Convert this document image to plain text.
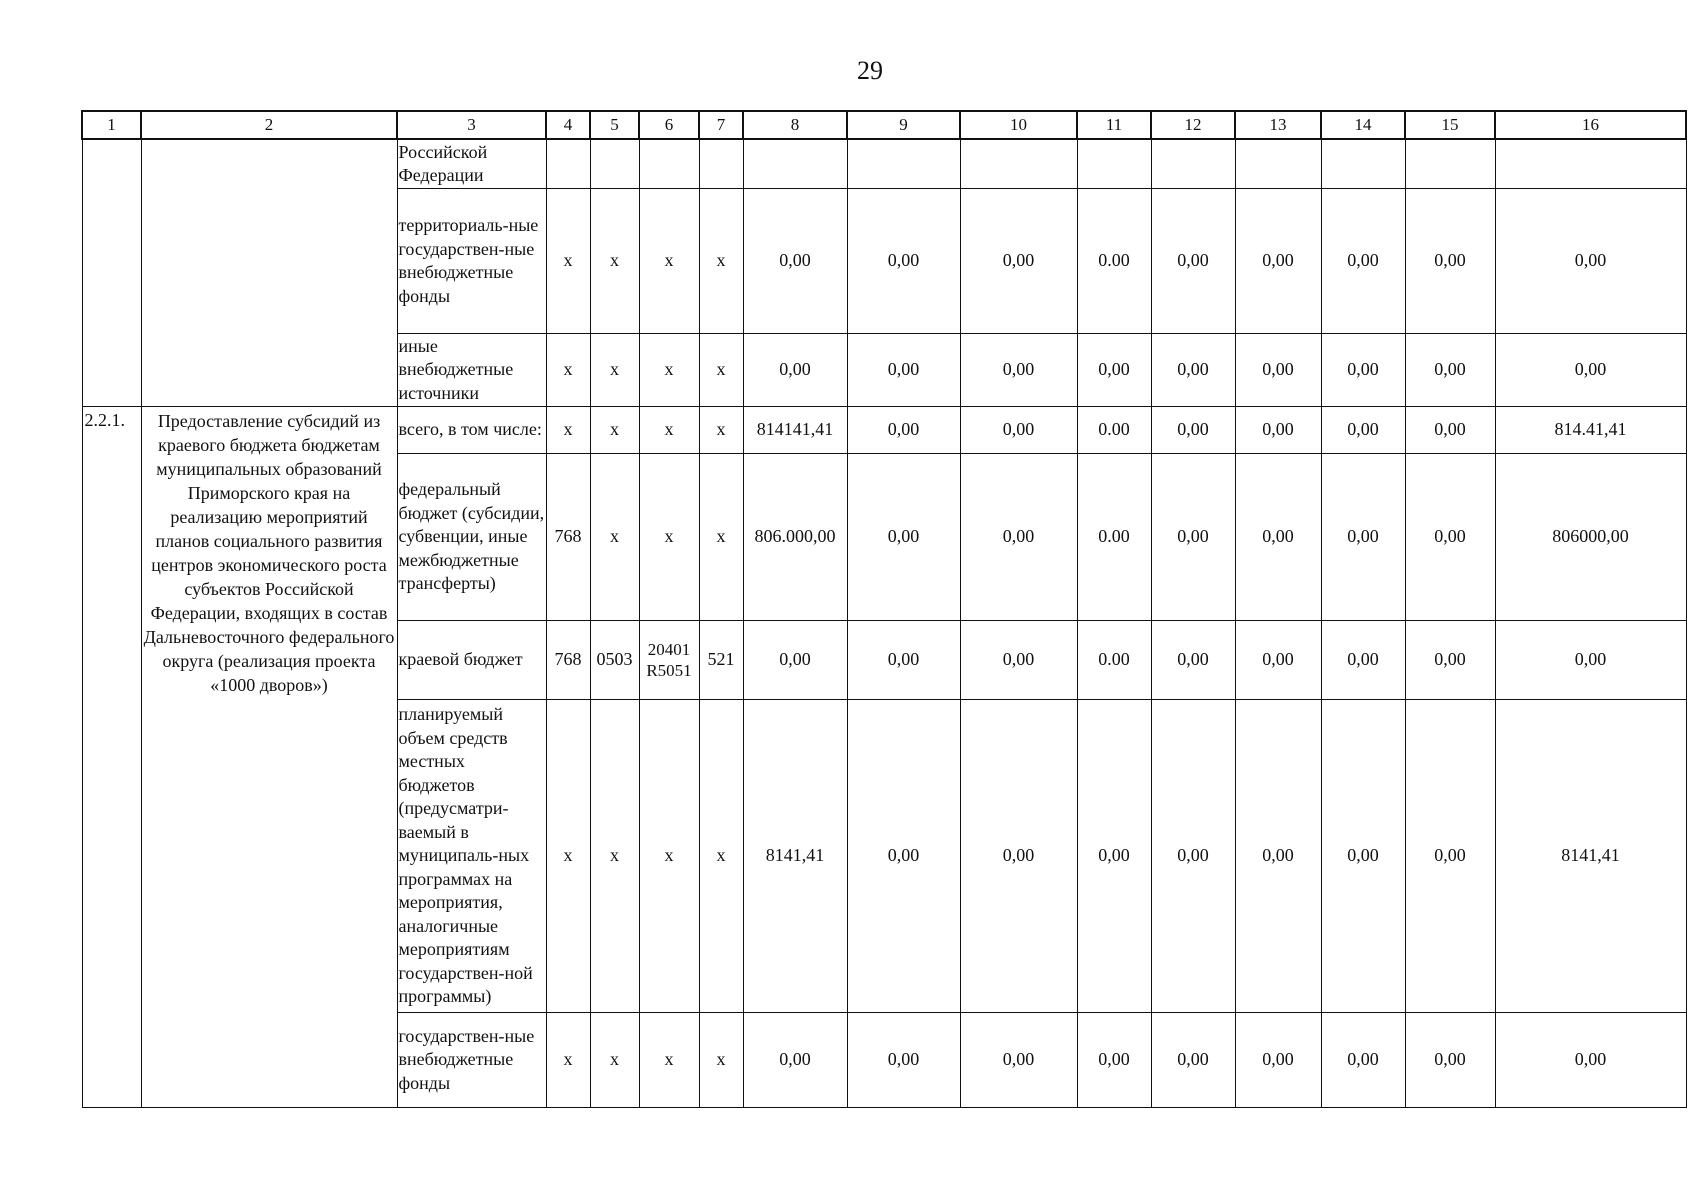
29
1	2	3	4	5	6	7	8	9	10	11	12	13	14	15	16
		Российской Федерации													
		территориаль-ные государствен-ные внебюджетные фонды	x	x	x	x	0,00	0,00	0,00	0.00	0,00	0,00	0,00	0,00	0,00
		иные внебюджетные источники	x	x	x	x	0,00	0,00	0,00	0,00	0,00	0,00	0,00	0,00	0,00
2.2.1.	Предоставление субсидий из краевого бюджета бюджетам муниципальных образований Приморского края на реализацию мероприятий планов социального развития центров экономического роста субъектов Российской Федерации, входящих в состав Дальневосточного федерального округа (реализация проекта «1000 дворов»)	всего, в том числе:	x	x	x	x	814141,41	0,00	0,00	0.00	0,00	0,00	0,00	0,00	814.41,41
		федеральный бюджет (субсидии, субвенции, иные межбюджетные трансферты)	768	x	x	x	806.000,00	0,00	0,00	0.00	0,00	0,00	0,00	0,00	806000,00
		краевой бюджет	768	0503	20401 R5051	521	0,00	0,00	0,00	0.00	0,00	0,00	0,00	0,00	0,00
		планируемый объем средств местных бюджетов (предусматри-ваемый в муниципаль-ных программах на мероприятия, аналогичные мероприятиям государствен-ной программы)	x	x	x	x	8141,41	0,00	0,00	0,00	0,00	0,00	0,00	0,00	8141,41
		государствен-ные внебюджетные фонды	x	x	x	x	0,00	0,00	0,00	0,00	0,00	0,00	0,00	0,00	0,00
